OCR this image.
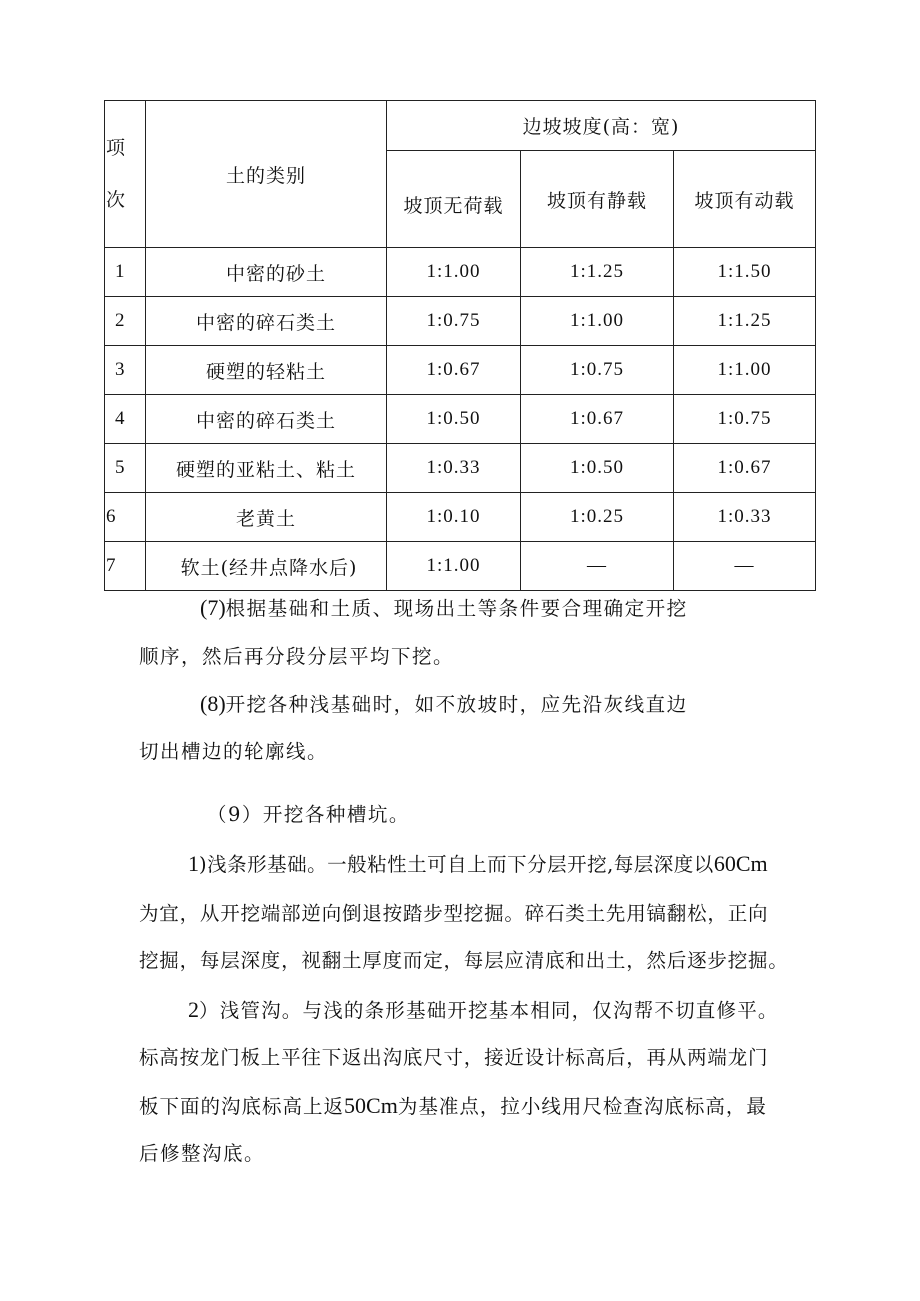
项
次	土的类别	边坡坡度(高：宽)		
		坡顶无荷载	坡顶有静载	坡顶有动载
1	中密的砂土	1:1.00	1:1.25	1:1.50
2	中密的碎石类土	1:0.75	1:1.00	1:1.25
3	硬塑的轻粘土	1:0.67	1:0.75	1:1.00
4	中密的碎石类土	1:0.50	1:0.67	1:0.75
5	硬塑的亚粘土、粘土	1:0.33	1:0.50	1:0.67
6	老黄土	1:0.10	1:0.25	1:0.33
7	软土(经井点降水后)	1:1.00	—	—
(7)根据基础和土质、现场出土等条件要合理确定开挖
顺序，然后再分段分层平均下挖。
(8)开挖各种浅基础时，如不放坡时，应先沿灰线直边
切出槽边的轮廓线。
（9）开挖各种槽坑。
1)浅条形基础。一般粘性土可自上而下分层开挖,每层深度以60Cm
为宜，从开挖端部逆向倒退按踏步型挖掘。碎石类土先用镐翻松，正向
挖掘，每层深度，视翻土厚度而定，每层应清底和出土，然后逐步挖掘。
2）浅管沟。与浅的条形基础开挖基本相同，仅沟帮不切直修平。
标高按龙门板上平往下返出沟底尺寸，接近设计标高后，再从两端龙门
板下面的沟底标高上返50Cm为基准点，拉小线用尺检查沟底标高，最
后修整沟底。
